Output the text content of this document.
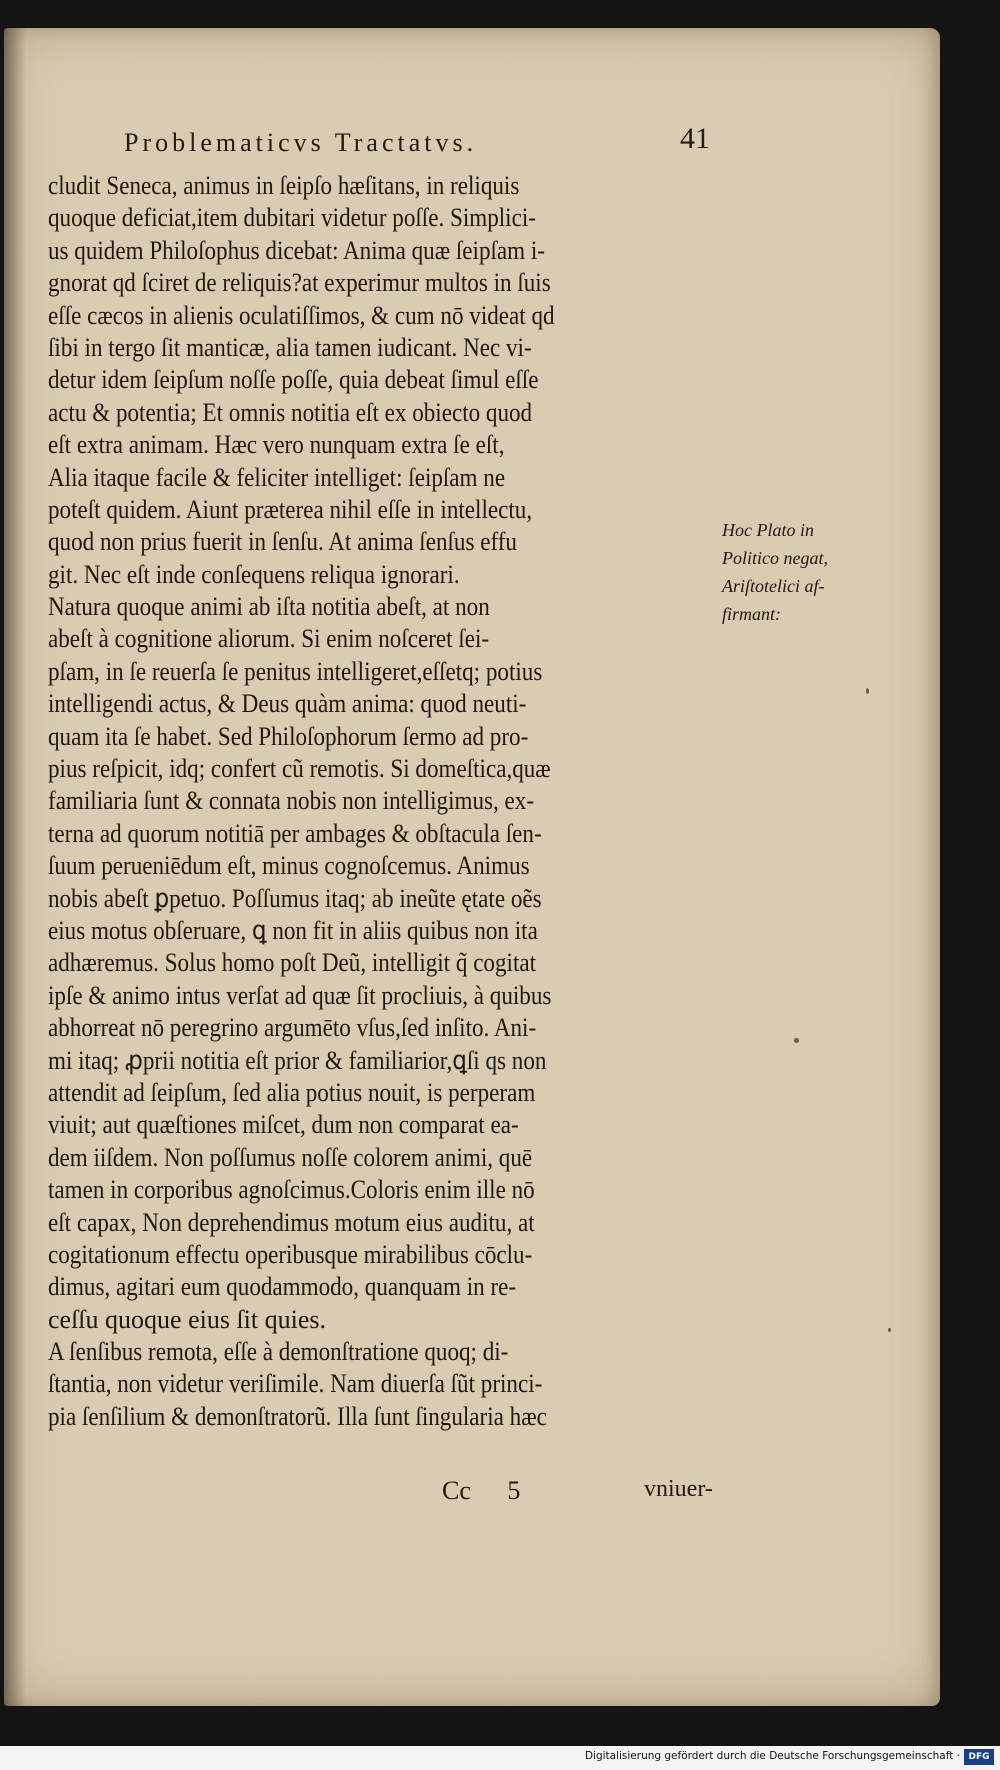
Problematicvs Tractatvs.	41
cludit Seneca, animus in ſeipſo hæſitans, in reliquis
quoque deficiat,item dubitari videtur poſſe. Simplici-
us quidem Philoſophus dicebat: Anima quæ ſeipſam i-
gnorat qd ſciret de reliquis?at experimur multos in ſuis
eſſe cæcos in alienis oculatiſſimos, & cum nō videat qd
ſibi in tergo ſit manticæ, alia tamen iudicant. Nec vi-
detur idem ſeipſum noſſe poſſe, quia debeat ſimul eſſe
actu & potentia; Et omnis notitia eſt ex obiecto quod
eſt extra animam. Hæc vero nunquam extra ſe eſt,
Alia itaque facile & feliciter intelliget: ſeipſam ne
poteſt quidem. Aiunt præterea nihil eſſe in intellectu,
quod non prius fuerit in ſenſu. At anima ſenſus effu
git. Nec eſt inde conſequens reliqua ignorari.
Natura quoque animi ab iſta notitia abeſt, at non
abeſt à cognitione aliorum. Si enim noſceret ſei-
pſam, in ſe reuerſa ſe penitus intelligeret,eſſetq; potius
intelligendi actus, & Deus quàm anima: quod neuti-
quam ita ſe habet. Sed Philoſophorum ſermo ad pro-
pius reſpicit, idq; confert cũ remotis. Si domeſtica,quæ
familiaria ſunt & connata nobis non intelligimus, ex-
terna ad quorum notitiā per ambages & obſtacula ſen-
ſuum perueniēdum eſt, minus cognoſcemus. Animus
nobis abeſt ꝑpetuo. Poſſumus itaq; ab ineũte ętate oẽs
eius motus obſeruare, ꝗ non fit in aliis quibus non ita
adhæremus. Solus homo poſt Deũ, intelligit q̃ cogitat
ipſe & animo intus verſat ad quæ ſit procliuis, à quibus
abhorreat nō peregrino argumēto vſus,ſed inſito. Ani-
mi itaq; ꝓprii notitia eſt prior & familiarior,ꝗſi qs non
attendit ad ſeipſum, ſed alia potius nouit, is perperam
viuit; aut quæſtiones miſcet, dum non comparat ea-
dem iiſdem. Non poſſumus noſſe colorem animi, quē
tamen in corporibus agnoſcimus.Coloris enim ille nō
eſt capax, Non deprehendimus motum eius auditu, at
cogitationum effectu operibusque mirabilibus cōclu-
dimus, agitari eum quodammodo, quanquam in re-
ceſſu quoque eius ſit quies.
A ſenſibus remota, eſſe à demonſtratione quoq; di-
ſtantia, non videtur veriſimile. Nam diuerſa ſũt princi-
pia ſenſilium & demonſtratorũ. Illa ſunt ſingularia hæc
Hoc Plato in
Politico negat,
Ariſtotelici af-
firmant:
Cc 5	vniuer-
Digitalisierung gefördert durch die Deutsche Forschungsgemeinschaft · DFG
